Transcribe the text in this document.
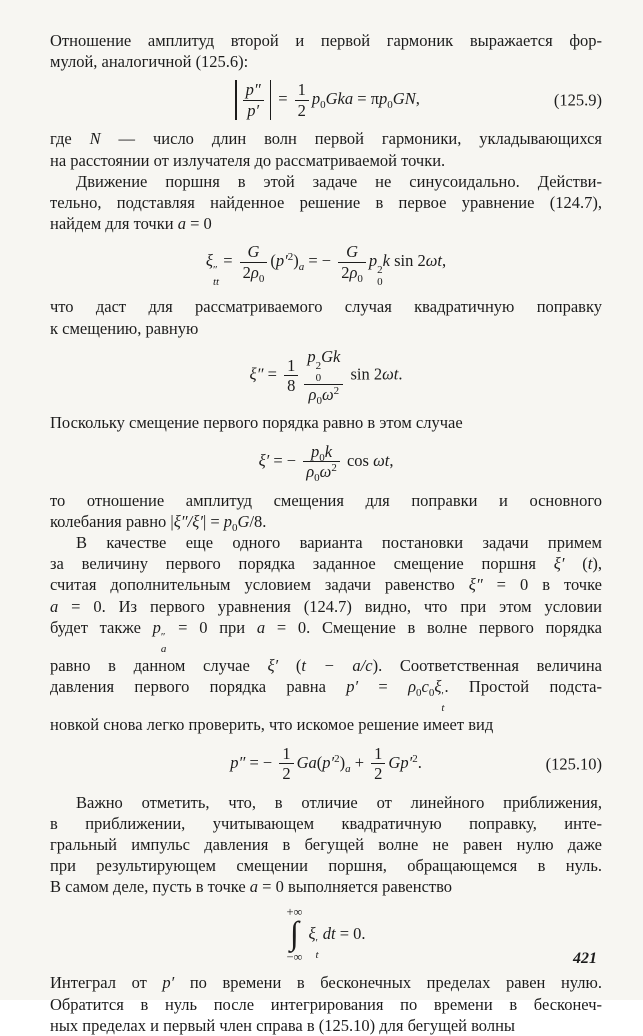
Отношение амплитуд второй и первой гармоник выражается фор-
мулой, аналогичной (125.6):
$\frac{p''}{p'} = \frac{1}{2} p_0Gka = \pi p_0GN$,	(125.9)
где N — число длин волн первой гармоники, укладывающихся
на расстоянии от излучателя до рассматриваемой точки.
Движение поршня в этой задаче не синусоидально. Действи-
тельно, подставляя найденное решение в первое уравнение (124.7),
найдем для точки a = 0
ξ ″
tt
= $\frac{G}{2\rho_0} (p'^2)_a$ = − $\frac{G}{2\rho_0}$ p 2
0
k sin 2ωt,
что даст для рассматриваемого случая квадратичную поправку
к смещению, равную
$\xi'' = \frac{1}{8}$ p 2
0
Gk
$\rho_0\omega^2$ sin 2ωt.
Поскольку смещение первого порядка равно в этом случае
ξ′ = − $\frac{p_0k}{\rho_0\omega^2}$ cos ωt,
то отношение амплитуд смещения для поправки и основного
колебания равно $|\xi''/\xi'| = p_0G/8$.
В качестве еще одного варианта постановки задачи примем
за величину первого порядка заданное смещение поршня ξ′ (t),
считая дополнительным условием задачи равенство ξ″ = 0 в точке
a = 0. Из первого уравнения (124.7) видно, что при этом условии
будет также p ″
a
= 0 при a = 0. Смещение в волне первого порядка
равно в данном случае ξ′ (t − a/c). Соответственная величина
давления первого порядка равна $p' = \rho_0c_0\xi$ ′
t
. Простой подста-
новкой снова легко проверить, что искомое решение имеет вид
p″ = − $\frac{1}{2} Ga(p'^2)_a + \frac{1}{2} Gp'^2$.	(125.10)
Важно отметить, что, в отличие от линейного приближения,
в приближении, учитывающем квадратичную поправку, инте-
гральный импульс давления в бегущей волне не равен нулю даже
при результирующем смещении поршня, обращающемся в нуль.
В самом деле, пусть в точке a = 0 выполняется равенство
+∞
∫
−∞
ξ ′
t
dt = 0.
Интеграл от p′ по времени в бесконечных пределах равен нулю.
Обратится в нуль после интегрирования по времени в бесконеч-
ных пределах и первый член справа в (125.10) для бегущей волны
421
